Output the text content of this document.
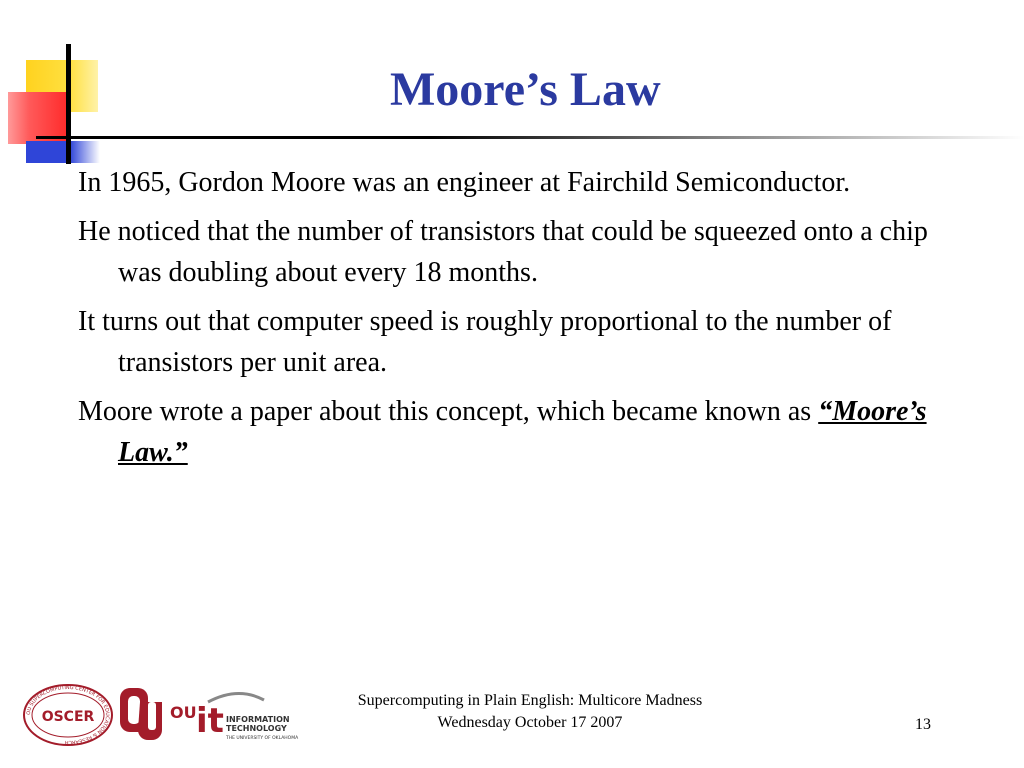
Moore’s Law
In 1965, Gordon Moore was an engineer at Fairchild Semiconductor.
He noticed that the number of transistors that could be squeezed onto a chip was doubling about every 18 months.
It turns out that computer speed is roughly proportional to the number of transistors per unit area.
Moore wrote a paper about this concept, which became known as “Moore’s Law.”
OU SUPERCOMPUTING CENTER FOR EDUCATION & RESEARCH
OSCER	OU it INFORMATION
TECHNOLOGY
THE UNIVERSITY OF OKLAHOMA
Supercomputing in Plain English: Multicore Madness
Wednesday October 17 2007	13
